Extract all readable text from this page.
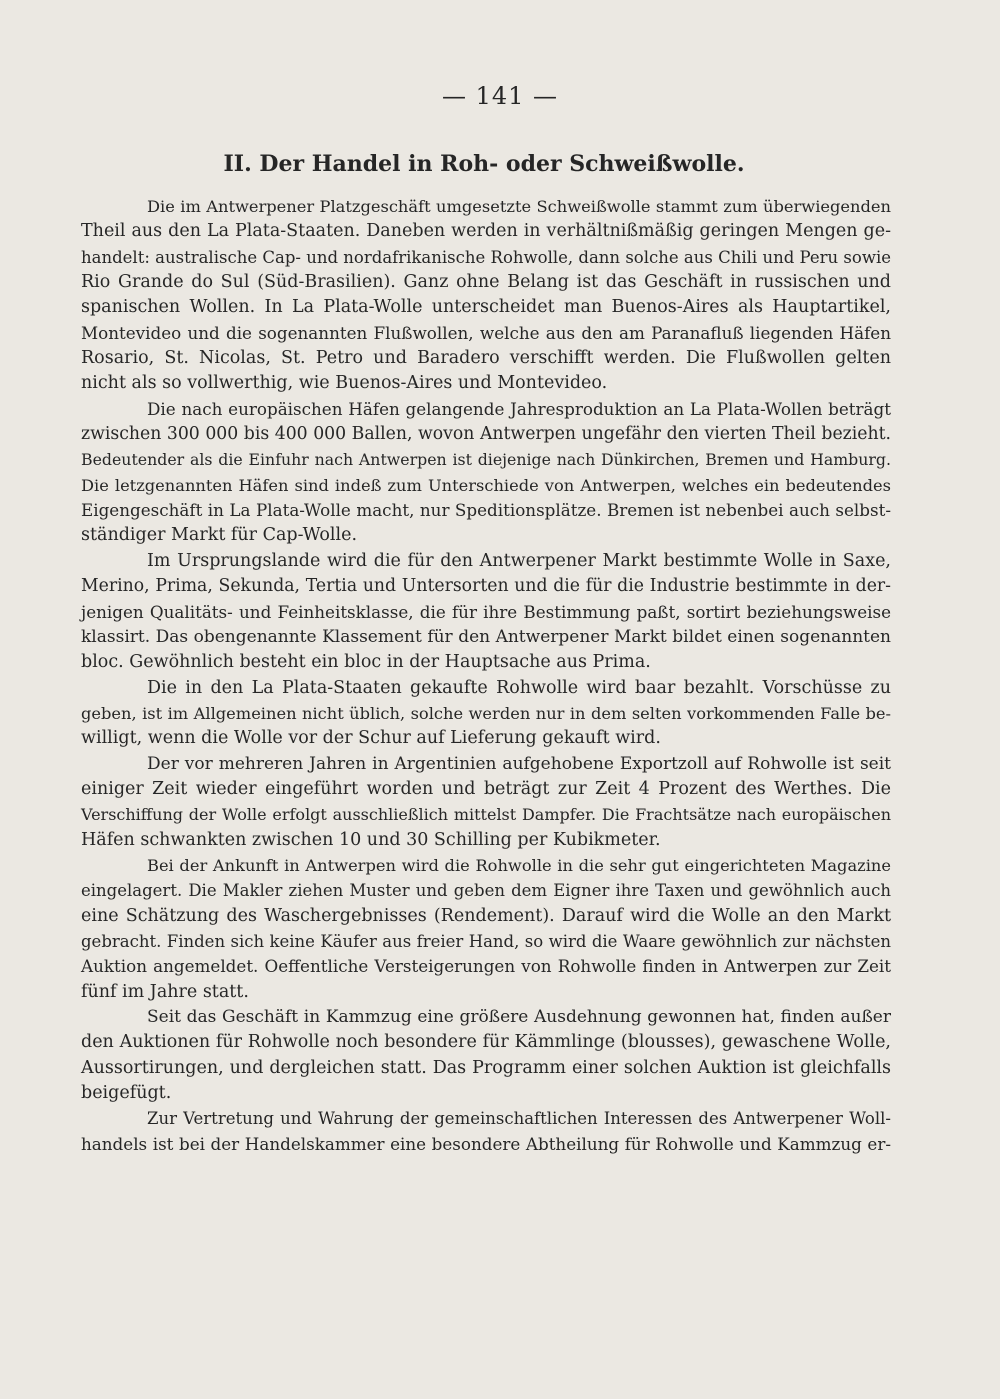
— 141 —
II. Der Handel in Roh- oder Schweißwolle.
Die im Antwerpener Platzgeschäft umgesetzte Schweißwolle stammt zum überwiegenden
Theil aus den La Plata-Staaten. Daneben werden in verhältnißmäßig geringen Mengen ge-
handelt: australische Cap- und nordafrikanische Rohwolle, dann solche aus Chili und Peru sowie
Rio Grande do Sul (Süd-Brasilien). Ganz ohne Belang ist das Geschäft in russischen und
spanischen Wollen. In La Plata-Wolle unterscheidet man Buenos-Aires als Hauptartikel,
Montevideo und die sogenannten Flußwollen, welche aus den am Paranafluß liegenden Häfen
Rosario, St. Nicolas, St. Petro und Baradero verschifft werden. Die Flußwollen gelten
nicht als so vollwerthig, wie Buenos-Aires und Montevideo.
Die nach europäischen Häfen gelangende Jahresproduktion an La Plata-Wollen beträgt
zwischen 300 000 bis 400 000 Ballen, wovon Antwerpen ungefähr den vierten Theil bezieht.
Bedeutender als die Einfuhr nach Antwerpen ist diejenige nach Dünkirchen, Bremen und Hamburg.
Die letzgenannten Häfen sind indeß zum Unterschiede von Antwerpen, welches ein bedeutendes
Eigengeschäft in La Plata-Wolle macht, nur Speditionsplätze. Bremen ist nebenbei auch selbst-
ständiger Markt für Cap-Wolle.
Im Ursprungslande wird die für den Antwerpener Markt bestimmte Wolle in Saxe,
Merino, Prima, Sekunda, Tertia und Untersorten und die für die Industrie bestimmte in der-
jenigen Qualitäts- und Feinheitsklasse, die für ihre Bestimmung paßt, sortirt beziehungsweise
klassirt. Das obengenannte Klassement für den Antwerpener Markt bildet einen sogenannten
bloc. Gewöhnlich besteht ein bloc in der Hauptsache aus Prima.
Die in den La Plata-Staaten gekaufte Rohwolle wird baar bezahlt. Vorschüsse zu
geben, ist im Allgemeinen nicht üblich, solche werden nur in dem selten vorkommenden Falle be-
willigt, wenn die Wolle vor der Schur auf Lieferung gekauft wird.
Der vor mehreren Jahren in Argentinien aufgehobene Exportzoll auf Rohwolle ist seit
einiger Zeit wieder eingeführt worden und beträgt zur Zeit 4 Prozent des Werthes. Die
Verschiffung der Wolle erfolgt ausschließlich mittelst Dampfer. Die Frachtsätze nach europäischen
Häfen schwankten zwischen 10 und 30 Schilling per Kubikmeter.
Bei der Ankunft in Antwerpen wird die Rohwolle in die sehr gut eingerichteten Magazine
eingelagert. Die Makler ziehen Muster und geben dem Eigner ihre Taxen und gewöhnlich auch
eine Schätzung des Waschergebnisses (Rendement). Darauf wird die Wolle an den Markt
gebracht. Finden sich keine Käufer aus freier Hand, so wird die Waare gewöhnlich zur nächsten
Auktion angemeldet. Oeffentliche Versteigerungen von Rohwolle finden in Antwerpen zur Zeit
fünf im Jahre statt.
Seit das Geschäft in Kammzug eine größere Ausdehnung gewonnen hat, finden außer
den Auktionen für Rohwolle noch besondere für Kämmlinge (blousses), gewaschene Wolle,
Aussortirungen, und dergleichen statt. Das Programm einer solchen Auktion ist gleichfalls
beigefügt.
Zur Vertretung und Wahrung der gemeinschaftlichen Interessen des Antwerpener Woll-
handels ist bei der Handelskammer eine besondere Abtheilung für Rohwolle und Kammzug er-
